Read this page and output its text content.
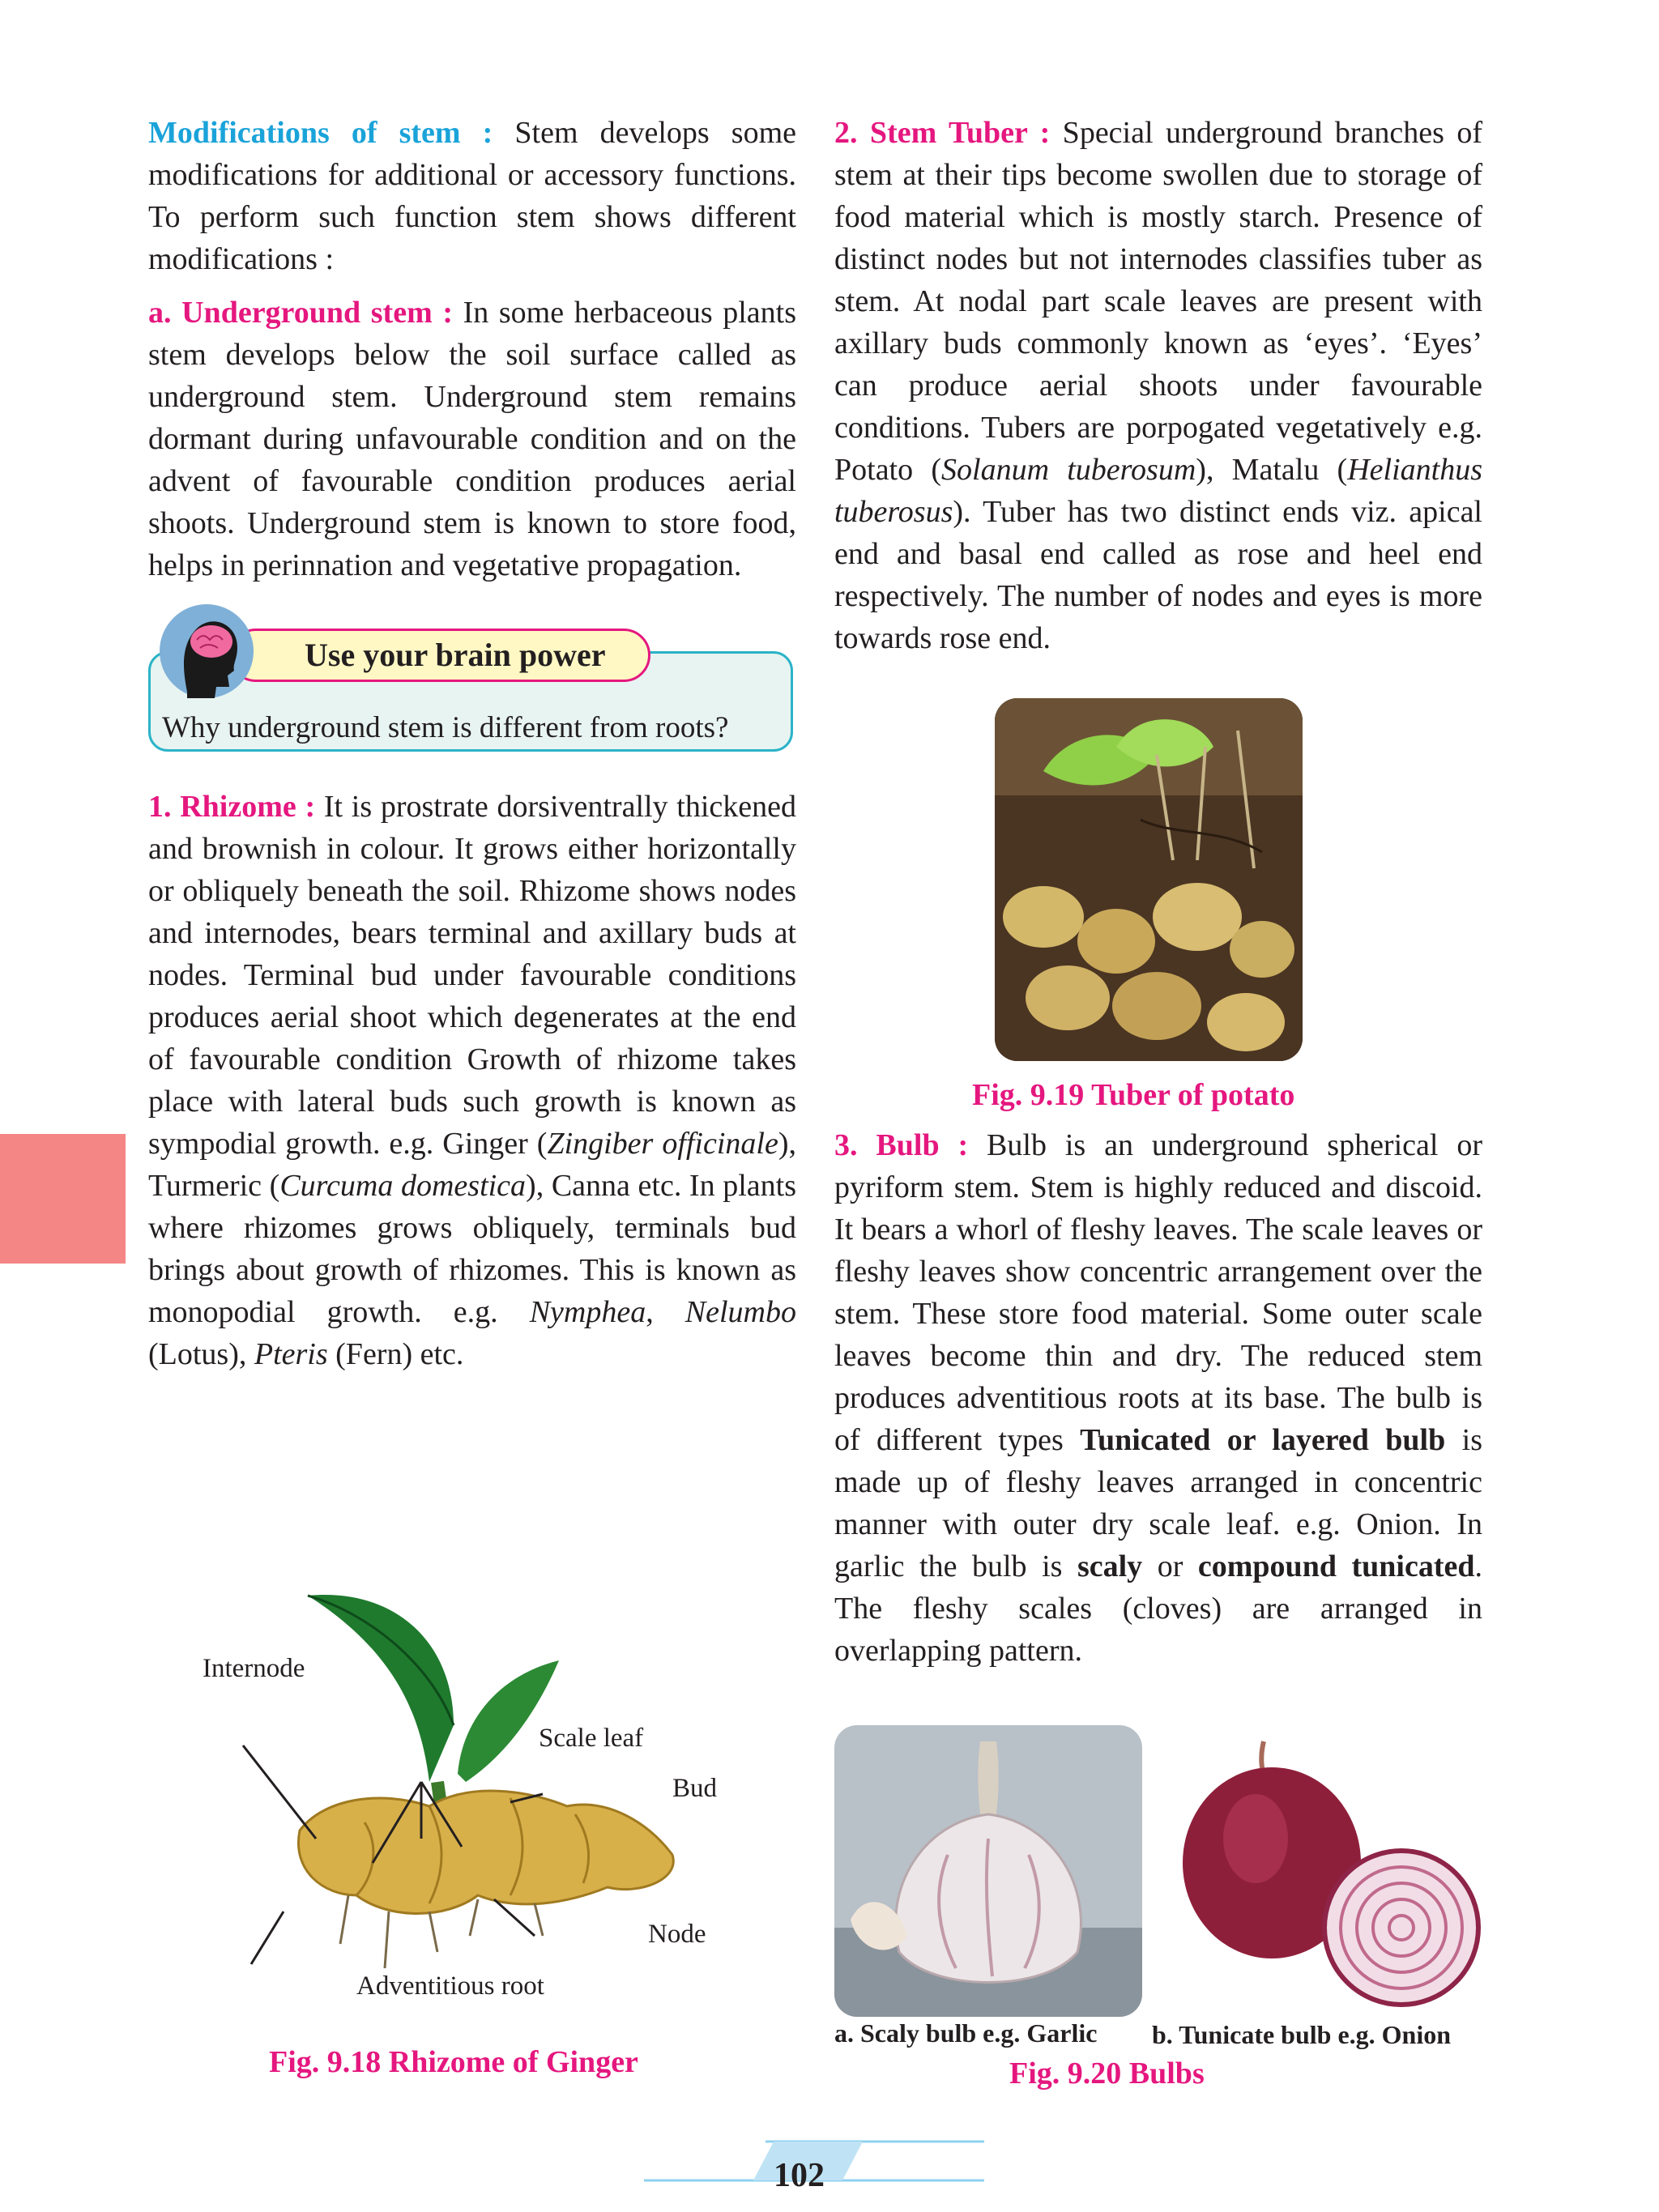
Modifications of stem : Stem develops some modifications for additional or accessory functions. To perform such function stem shows different modifications :

a. Underground stem : In some herbaceous plants stem develops below the soil surface called as underground stem. Underground stem remains dormant during unfavourable condition and on the advent of favourable condition produces aerial shoots. Underground stem is known to store food, helps in perinnation and vegetative propagation.

Why underground stem is different from roots?
Use your brain power

1. Rhizome : It is prostrate dorsiventrally thickened and brownish in colour. It grows either horizontally or obliquely beneath the soil. Rhizome shows nodes and internodes, bears terminal and axillary buds at nodes. Terminal bud under favourable conditions produces aerial shoot which degenerates at the end of favourable condition Growth of rhizome takes place with lateral buds such growth is known as sympodial growth. e.g. Ginger (Zingiber officinale), Turmeric (Curcuma domestica), Canna etc. In plants where rhizomes grows obliquely, terminals bud brings about growth of rhizomes. This is known as monopodial growth. e.g. Nymphea, Nelumbo (Lotus), Pteris (Fern) etc.

Internode
Scale leaf
Bud
Node
Adventitious root
Fig. 9.18 Rhizome of Ginger

2. Stem Tuber : Special underground branches of stem at their tips become swollen due to storage of food material which is mostly starch. Presence of distinct nodes but not internodes classifies tuber as stem. At nodal part scale leaves are present with axillary buds commonly known as ‘eyes’. ‘Eyes’ can produce aerial shoots under favourable conditions. Tubers are porpogated vegetatively e.g. Potato (Solanum tuberosum), Matalu (Helianthus tuberosus). Tuber has two distinct ends viz. apical end and basal end called as rose and heel end respectively. The number of nodes and eyes is more towards rose end.

Fig. 9.19 Tuber of potato

3. Bulb : Bulb is an underground spherical or pyriform stem. Stem is highly reduced and discoid. It bears a whorl of fleshy leaves. The scale leaves or fleshy leaves show concentric arrangement over the stem. These store food material. Some outer scale leaves become thin and dry. The reduced stem produces adventitious roots at its base. The bulb is of different types Tunicated or layered bulb is made up of fleshy leaves arranged in concentric manner with outer dry scale leaf. e.g. Onion. In garlic the bulb is scaly or compound tunicated. The fleshy scales (cloves) are arranged in overlapping pattern.

a. Scaly bulb e.g. Garlic b. Tunicate bulb e.g. Onion
Fig. 9.20 Bulbs
102
